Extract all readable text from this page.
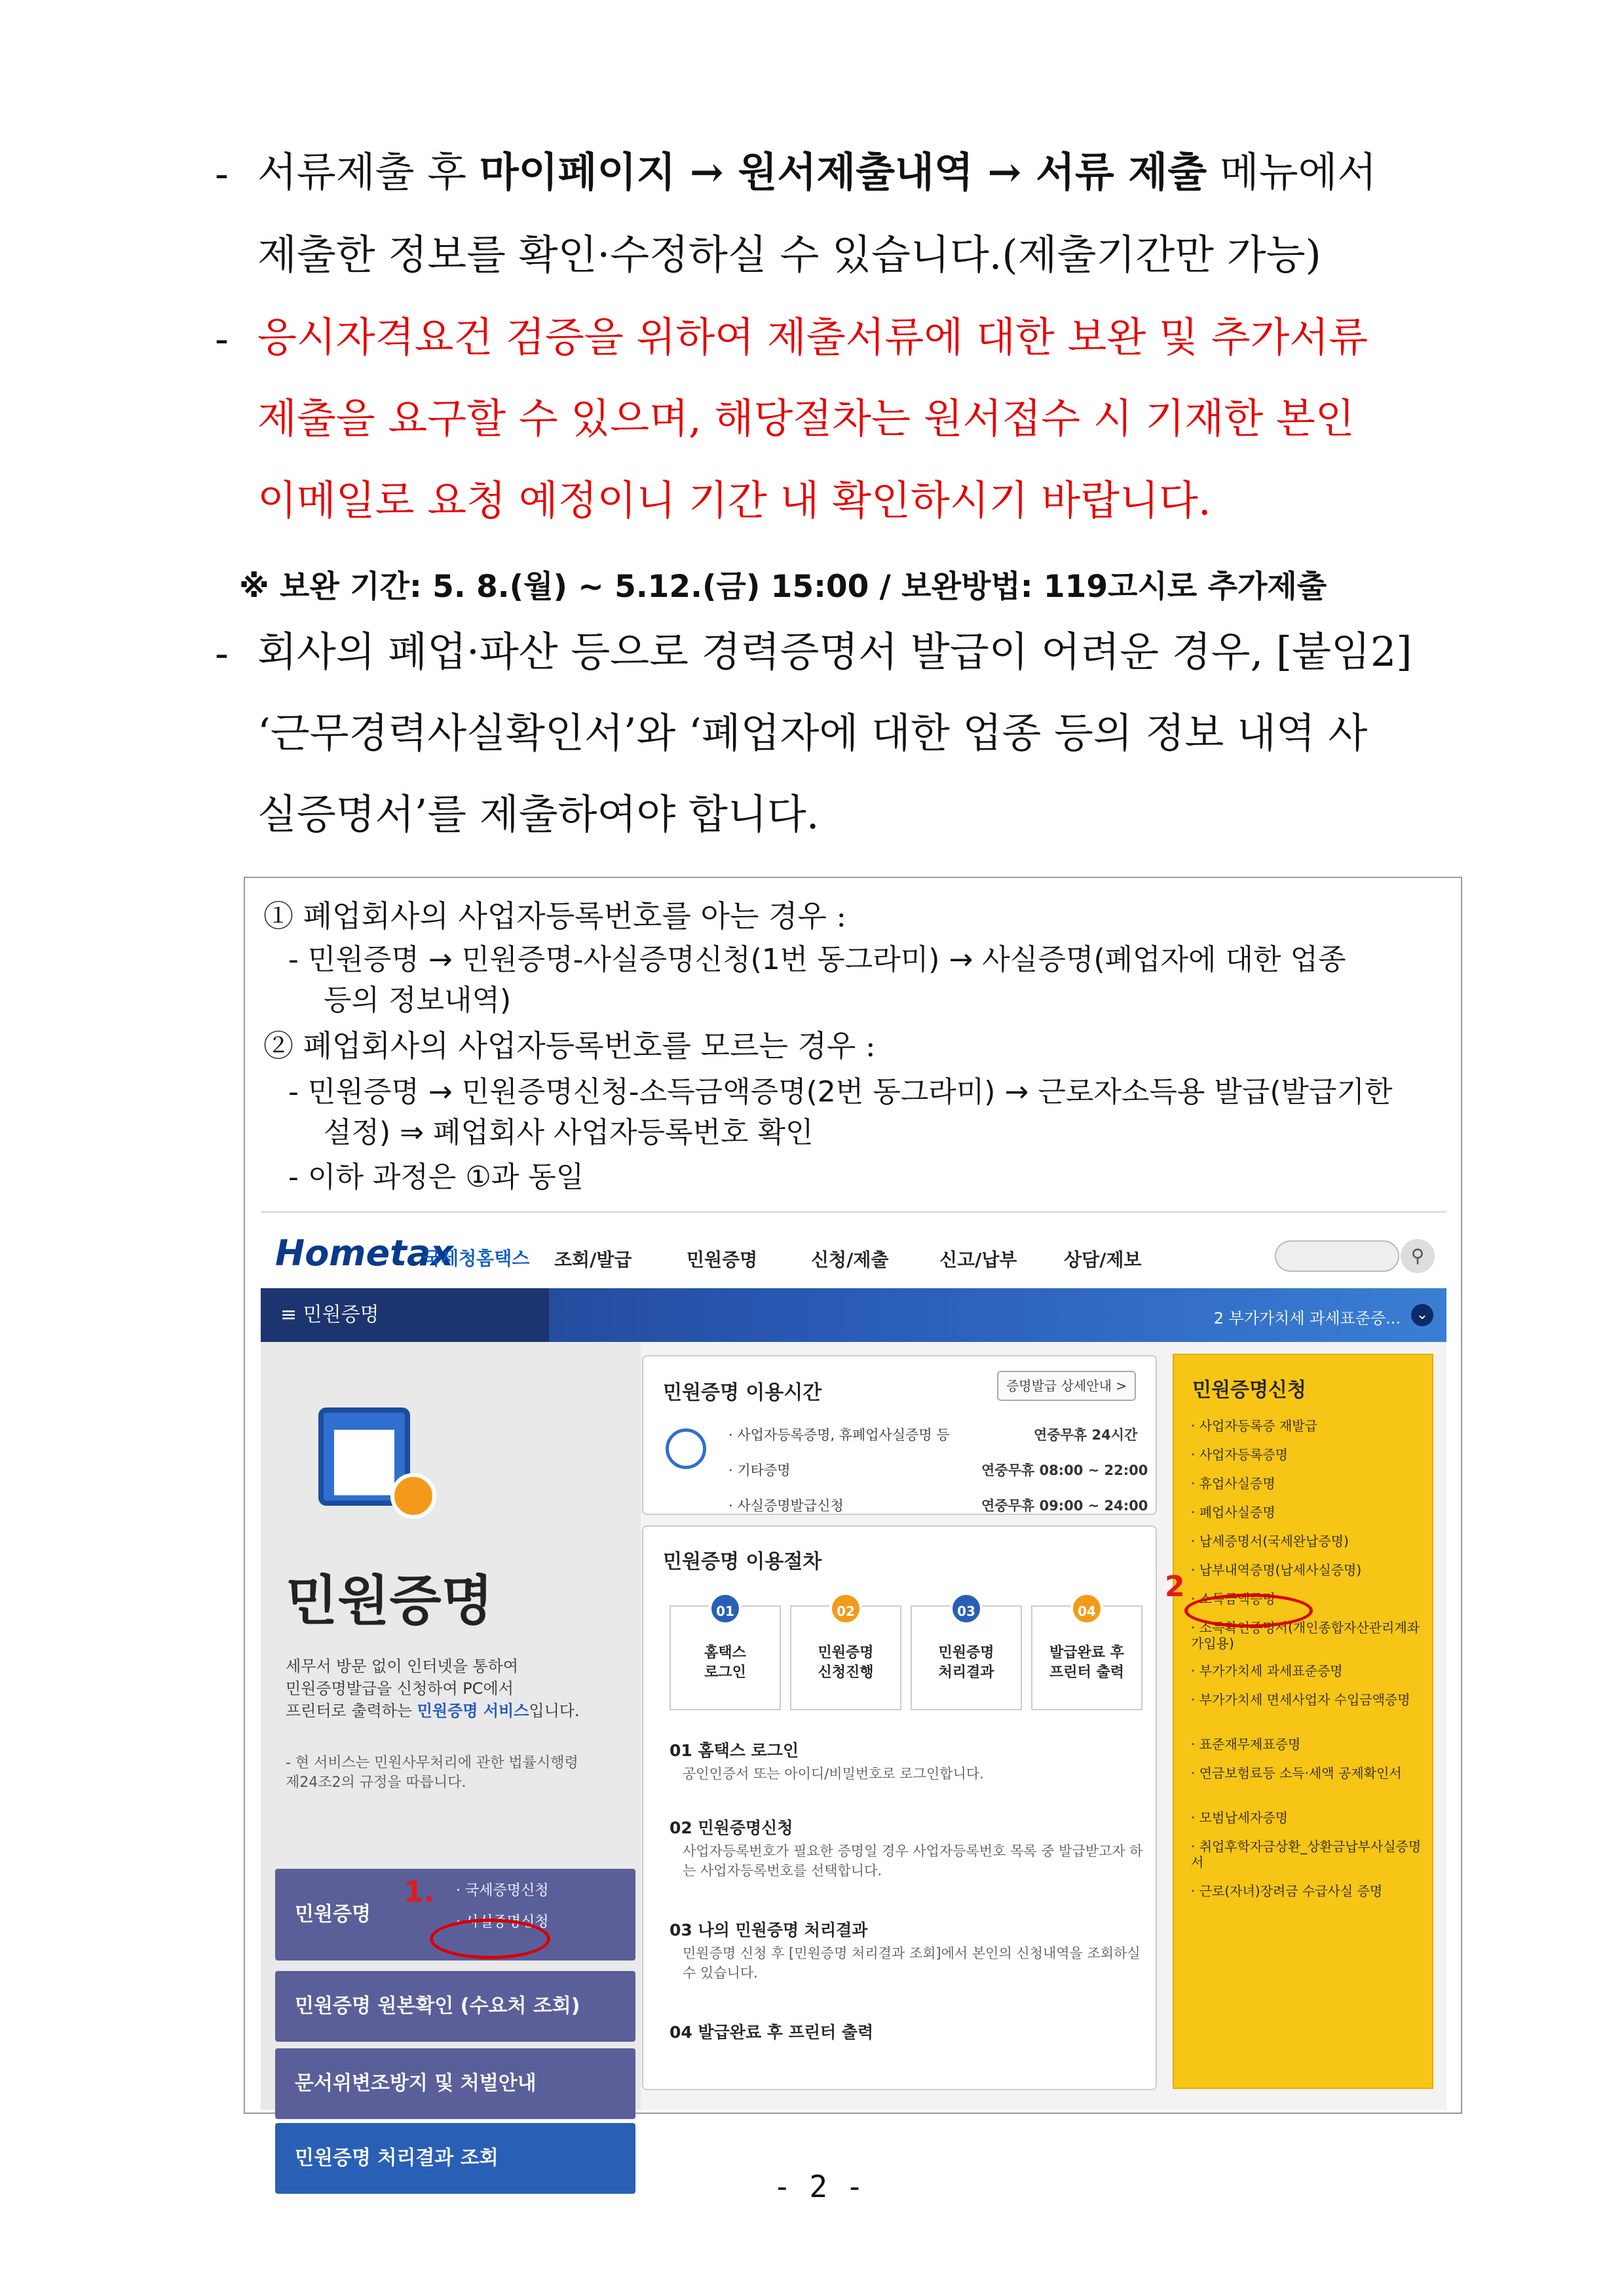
- 서류제출 후 마이페이지 → 원서제출내역 → 서류 제출 메뉴에서
제출한 정보를 확인·수정하실 수 있습니다.(제출기간만 가능)
- 응시자격요건 검증을 위하여 제출서류에 대한 보완 및 추가서류
제출을 요구할 수 있으며, 해당절차는 원서접수 시 기재한 본인
이메일로 요청 예정이니 기간 내 확인하시기 바랍니다.
※ 보완 기간: 5. 8.(월) ~ 5.12.(금) 15:00 / 보완방법: 119고시로 추가제출
- 회사의 폐업·파산 등으로 경력증명서 발급이 어려운 경우, [붙임2]
‘근무경력사실확인서’와 ‘폐업자에 대한 업종 등의 정보 내역 사
실증명서’를 제출하여야 합니다.
① 폐업회사의 사업자등록번호를 아는 경우 :
- 민원증명 → 민원증명-사실증명신청(1번 동그라미) → 사실증명(폐업자에 대한 업종
등의 정보내역)
② 폐업회사의 사업자등록번호를 모르는 경우 :
- 민원증명 → 민원증명신청-소득금액증명(2번 동그라미) → 근로자소득용 발급(발급기한
설정) ⇒ 폐업회사 사업자등록번호 확인
- 이하 과정은 ①과 동일
Hometax
국세청홈택스 조회/발급	민원증명	신청/제출	신고/납부	상담/제보	⚲
≡ 민원증명	2 부가가치세 과세표준증...	⌄
민원증명
세무서 방문 없이 인터넷을 통하여
민원증명발급을 신청하여 PC에서
프린터로 출력하는 민원증명 서비스입니다.
- 현 서비스는 민원사무처리에 관한 법률시행령
제24조2의 규정을 따릅니다.
민원증명
· 국세증명신청
· 사실증명신청
1.
민원증명 원본확인 (수요처 조회)
문서위변조방지 및 처벌안내
민원증명 처리결과 조회
민원증명 이용시간	증명발급 상세안내 >
· 사업자등록증명, 휴폐업사실증명 등	연중무휴 24시간
· 기타증명	연중무휴 08:00 ~ 22:00
· 사실증명발급신청	연중무휴 09:00 ~ 24:00
민원증명 이용절차
01
홈택스
로그인
02
민원증명
신청진행
03
민원증명
처리결과
04
발급완료 후
프린터 출력
01 홈택스 로그인
공인인증서 또는 아이디/비밀번호로 로그인합니다.
02 민원증명신청
사업자등록번호가 필요한 증명일 경우 사업자등록번호 목록 중 발급받고자 하는 사업자등록번호를 선택합니다.
03 나의 민원증명 처리결과
민원증명 신청 후 [민원증명 처리결과 조회]에서 본인의 신청내역을 조회하실 수 있습니다.
04 발급완료 후 프린터 출력
민원증명신청
· 사업자등록증 재발급
· 사업자등록증명
· 휴업사실증명
· 폐업사실증명
· 납세증명서(국세완납증명)
· 납부내역증명(납세사실증명)
· 소득금액증명
· 소득확인증명서(개인종합자산관리계좌 가입용)
· 부가가치세 과세표준증명
· 부가가치세 면세사업자 수입금액증명
· 표준재무제표증명
· 연금보험료등 소득·세액 공제확인서
· 모범납세자증명
· 취업후학자금상환_상환금납부사실증명서
· 근로(자녀)장려금 수급사실 증명
2
- 2 -
